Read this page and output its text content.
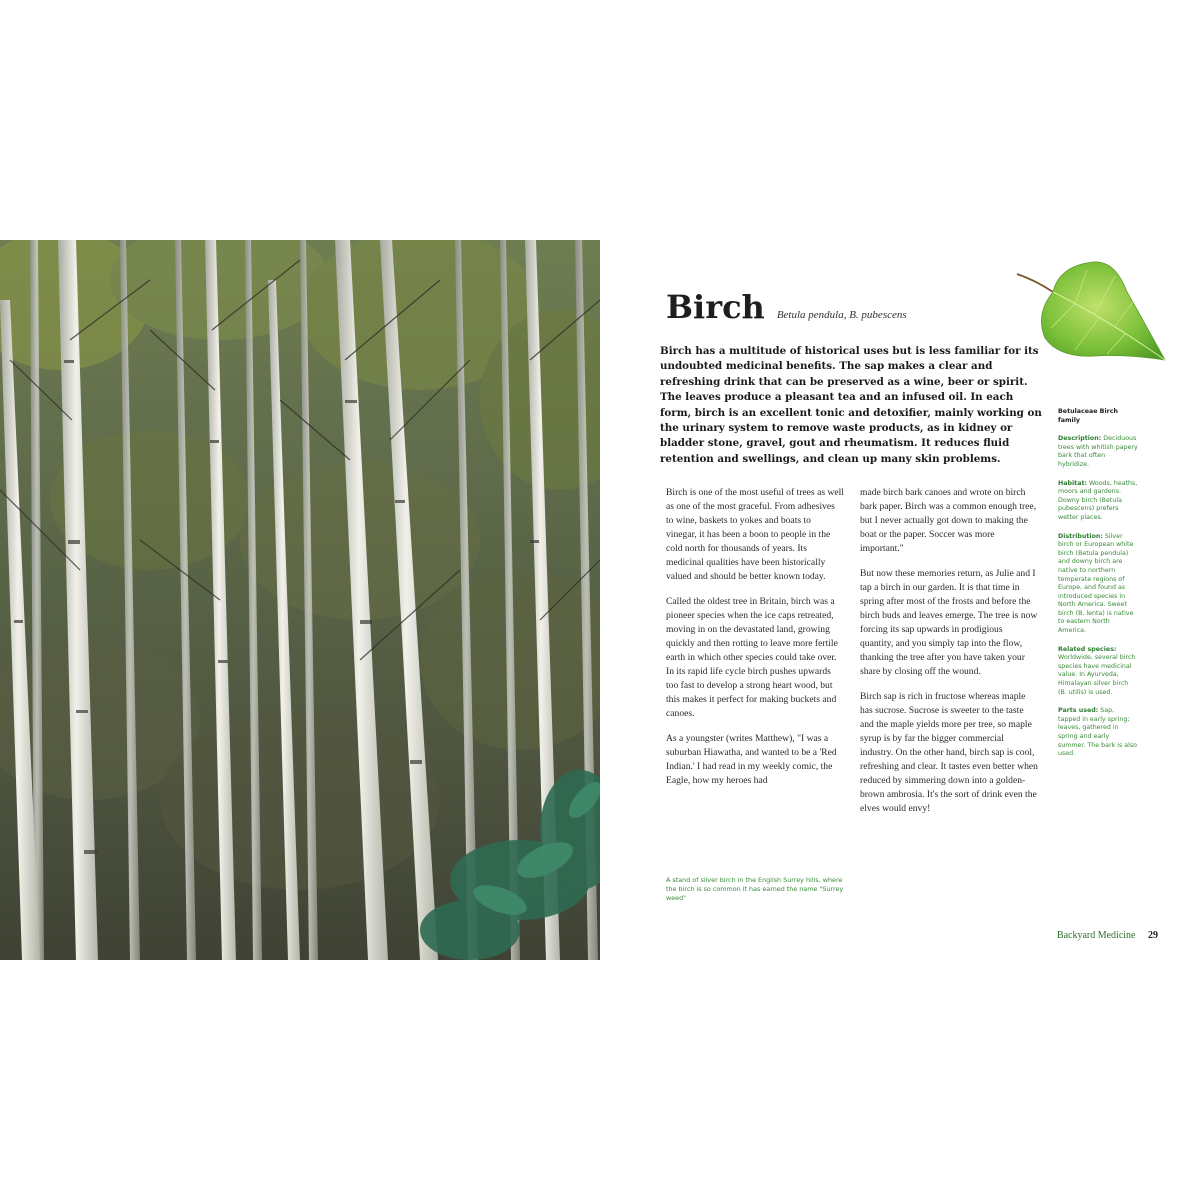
Birch Betula pendula, B. pubescens
Birch has a multitude of historical uses but is less familiar for its undoubted medicinal benefits. The sap makes a clear and refreshing drink that can be preserved as a wine, beer or spirit. The leaves produce a pleasant tea and an infused oil. In each form, birch is an excellent tonic and detoxifier, mainly working on the urinary system to remove waste products, as in kidney or bladder stone, gravel, gout and rheumatism. It reduces fluid retention and swellings, and clean up many skin problems.

Birch is one of the most useful of trees as well as one of the most graceful. From adhesives to wine, baskets to yokes and boats to vinegar, it has been a boon to people in the cold north for thousands of years. Its medicinal qualities have been historically valued and should be better known today.

Called the oldest tree in Britain, birch was a pioneer species when the ice caps retreated, moving in on the devastated land, growing quickly and then rotting to leave more fertile earth in which other species could take over. In its rapid life cycle birch pushes upwards too fast to develop a strong heart wood, but this makes it perfect for making buckets and canoes.

As a youngster (writes Matthew), "I was a suburban Hiawatha, and wanted to be a 'Red Indian.' I had read in my weekly comic, the Eagle, how my heroes had

made birch bark canoes and wrote on birch bark paper. Birch was a common enough tree, but I never actually got down to making the boat or the paper. Soccer was more important."

But now these memories return, as Julie and I tap a birch in our garden. It is that time in spring after most of the frosts and before the birch buds and leaves emerge. The tree is now forcing its sap upwards in prodigious quantity, and you simply tap into the flow, thanking the tree after you have taken your share by closing off the wound.

Birch sap is rich in fructose whereas maple has sucrose. Sucrose is sweeter to the taste and the maple yields more per tree, so maple syrup is by far the bigger commercial industry. On the other hand, birch sap is cool, refreshing and clear. It tastes even better when reduced by simmering down into a golden-brown ambrosia. It's the sort of drink even the elves would envy!

A stand of silver birch in the English Surrey hills, where the birch is so common it has earned the name "Surrey weed"
Betulaceae Birch family
Description: Deciduous trees with whitish papery bark that often hybridize.
Habitat: Woods, heaths, moors and gardens. Downy birch (Betula pubescens) prefers wetter places.
Distribution: Silver birch or European white birch (Betula pendula) and downy birch are native to northern temperate regions of Europe, and found as introduced species in North America. Sweet birch (B. lenta) is native to eastern North America.
Related species: Worldwide, several birch species have medicinal value. In Ayurveda, Himalayan silver birch (B. utilis) is used.
Parts used: Sap, tapped in early spring; leaves, gathered in spring and early summer. The bark is also used.
Backyard Medicine 29
